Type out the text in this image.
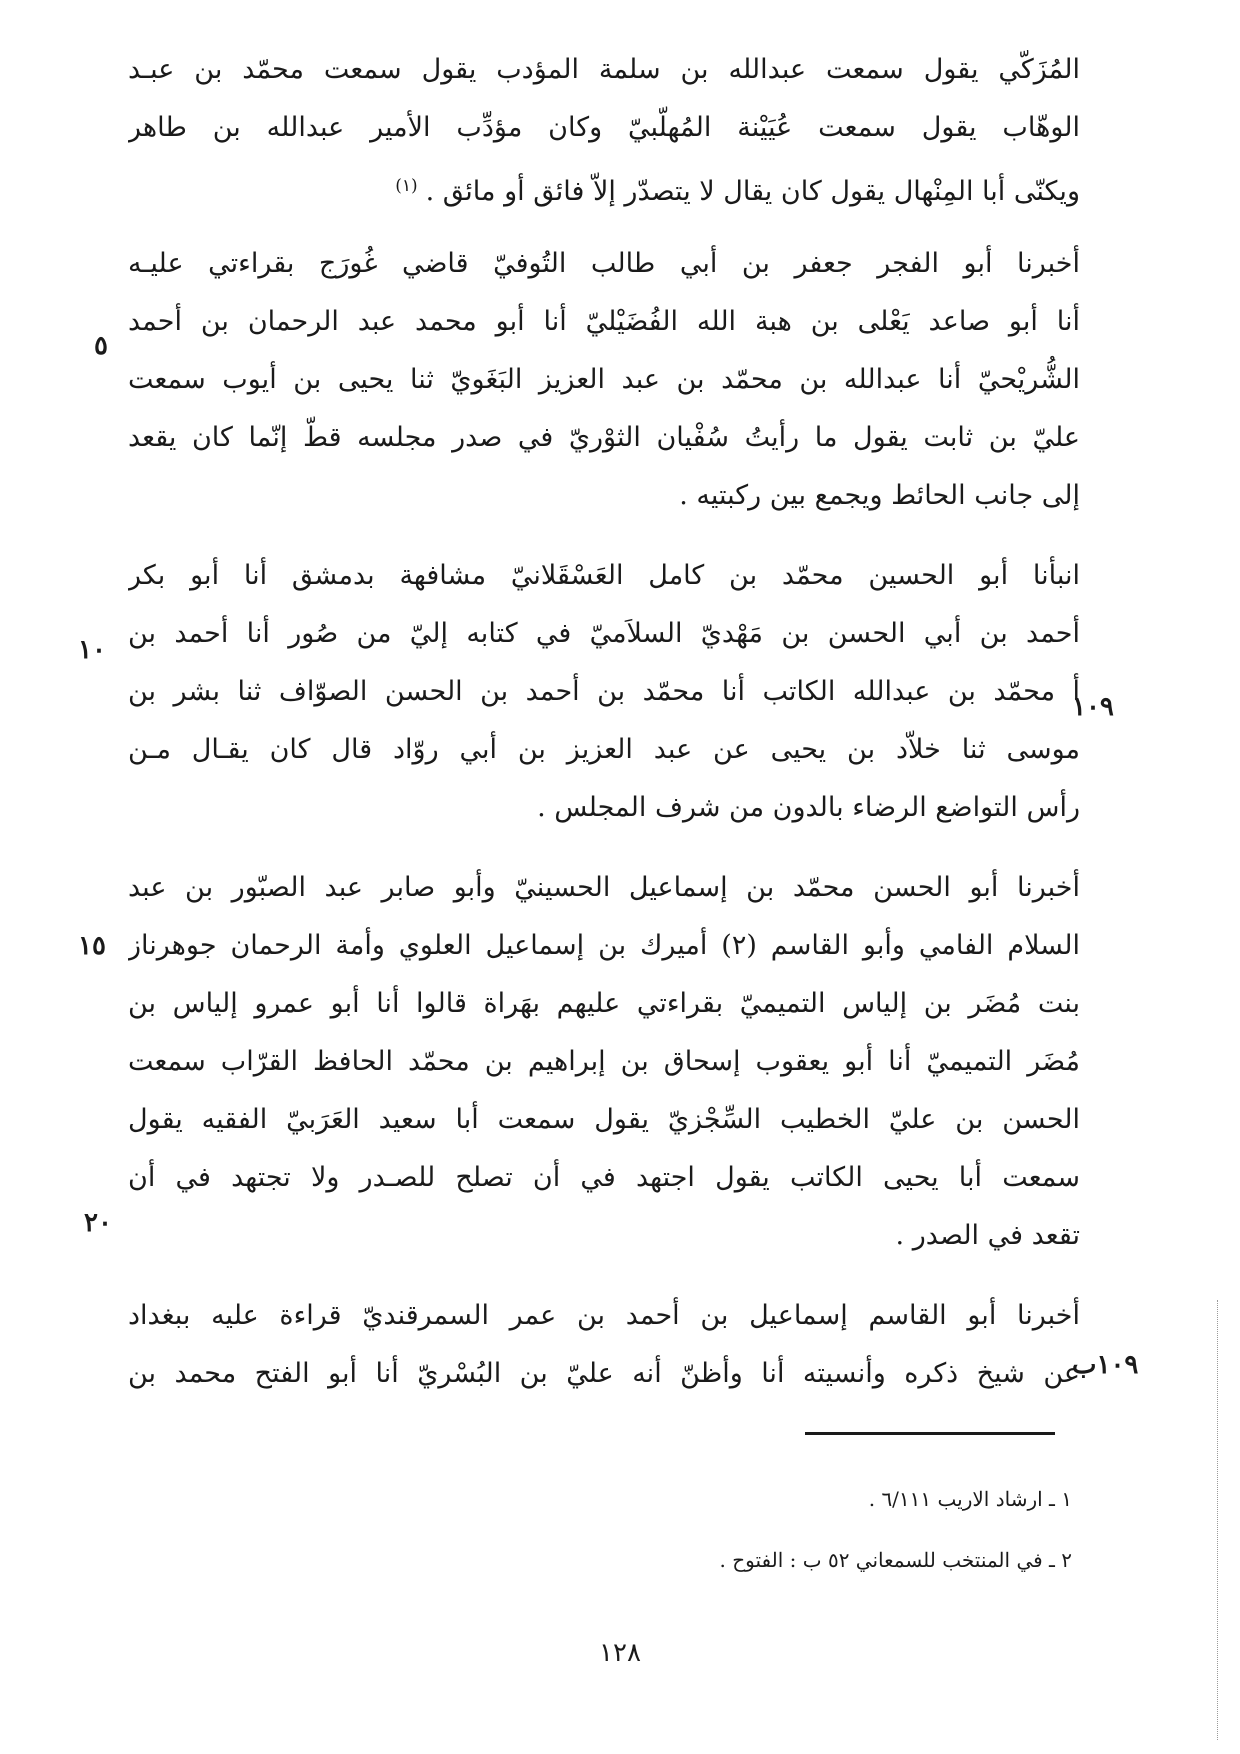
المُزَكّي يقول سمعت عبدالله بن سلمة المؤدب يقول سمعت محمّد بن عبـد
الوهّاب يقول سمعت عُيَيْنة المُهلّبيّ وكان مؤدِّب الأمير عبدالله بن طاهر
ويكنّى أبا المِنْهال يقول كان يقال لا يتصدّر إلاّ فائق أو مائق .$^{(١)}$
أخبرنا أبو الفجر جعفر بن أبي طالب التُوفيّ قاضي غُورَج بقراءتي عليـه
أنا أبو صاعد يَعْلى بن هبة الله الفُضَيْليّ أنا أبو محمد عبد الرحمان بن أحمد
الشُّريْحيّ أنا عبدالله بن محمّد بن عبد العزيز البَغَويّ ثنا يحيى بن أيوب سمعت
عليّ بن ثابت يقول ما رأيتُ سُفْيان الثوْريّ في صدر مجلسه قطّ إنّما كان يقعد
إلى جانب الحائط ويجمع بين ركبتيه .
انبأنا أبو الحسين محمّد بن كامل العَسْقَلانيّ مشافهة بدمشق أنا أبو بكر
أحمد بن أبي الحسن بن مَهْديّ السلاَميّ في كتابه إليّ من صُور أنا أحمد بن
أ محمّد بن عبدالله الكاتب أنا محمّد بن أحمد بن الحسن الصوّاف ثنا بشر بن
موسى ثنا خلاّد بن يحيى عن عبد العزيز بن أبي روّاد قال كان يقـال مـن
رأس التواضع الرضاء بالدون من شرف المجلس .
أخبرنا أبو الحسن محمّد بن إسماعيل الحسينيّ وأبو صابر عبد الصبّور بن عبد
السلام الفامي وأبو القاسم (٢) أميرك بن إسماعيل العلوي وأمة الرحمان جوهرناز
بنت مُضَر بن إلياس التميميّ بقراءتي عليهم بهَراة قالوا أنا أبو عمرو إلياس بن
مُضَر التميميّ أنا أبو يعقوب إسحاق بن إبراهيم بن محمّد الحافظ القرّاب سمعت
الحسن بن عليّ الخطيب السِّجْزيّ يقول سمعت أبا سعيد العَرَبيّ الفقيه يقول
سمعت أبا يحيى الكاتب يقول اجتهد في أن تصلح للصـدر ولا تجتهد في أن
تقعد في الصدر .
أخبرنا أبو القاسم إسماعيل بن أحمد بن عمر السمرقنديّ قراءة عليه ببغداد
عن شيخ ذكره وأنسيته أنا وأظنّ أنه عليّ بن البُسْريّ أنا أبو الفتح محمد بن
٥
١٠
١٠٩
١٥
٢٠
١٠٩ب
١ ـ ارشاد الاريب ٦/١١١ .
٢ ـ في المنتخب للسمعاني ٥٢ ب : الفتوح .
١٢٨
